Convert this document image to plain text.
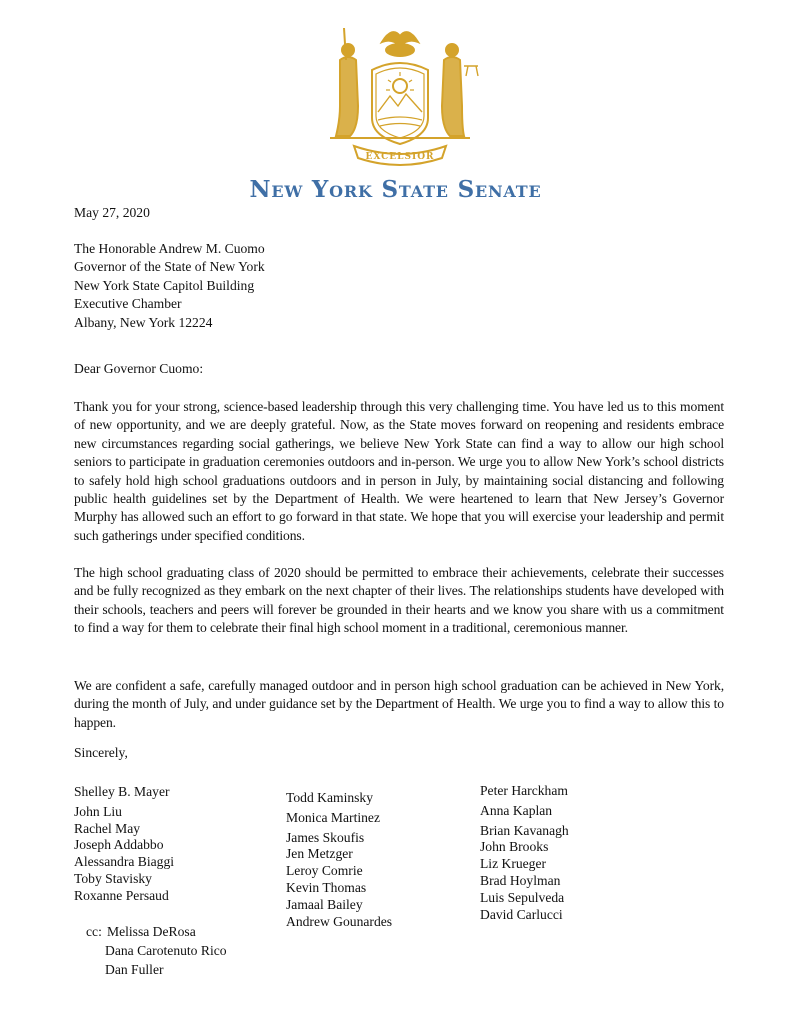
EXCELSIOR
New York State Senate
May 27, 2020
The Honorable Andrew M. Cuomo
Governor of the State of New York
New York State Capitol Building
Executive Chamber
Albany, New York 12224
Dear Governor Cuomo:
Thank you for your strong, science-based leadership through this very challenging time. You have led us to this moment of new opportunity, and we are deeply grateful. Now, as the State moves forward on reopening and residents embrace new circumstances regarding social gatherings, we believe New York State can find a way to allow our high school seniors to participate in graduation ceremonies outdoors and in-person. We urge you to allow New York’s school districts to safely hold high school graduations outdoors and in person in July, by maintaining social distancing and following public health guidelines set by the Department of Health. We were heartened to learn that New Jersey’s Governor Murphy has allowed such an effort to go forward in that state. We hope that you will exercise your leadership and permit such gatherings under specified conditions.
The high school graduating class of 2020 should be permitted to embrace their achievements, celebrate their successes and be fully recognized as they embark on the next chapter of their lives. The relationships students have developed with their schools, teachers and peers will forever be grounded in their hearts and we know you share with us a commitment to find a way for them to celebrate their final high school moment in a traditional, ceremonious manner.
We are confident a safe, carefully managed outdoor and in person high school graduation can be achieved in New York, during the month of July, and under guidance set by the Department of Health. We urge you to find a way to allow this to happen.
Sincerely,
Shelley B. Mayer
John Liu
Rachel May
Joseph Addabbo
Alessandra Biaggi
Toby Stavisky
Roxanne Persaud
Todd Kaminsky
Monica Martinez
James Skoufis
Jen Metzger
Leroy Comrie
Kevin Thomas
Jamaal Bailey
Andrew Gounardes
Peter Harckham
Anna Kaplan
Brian Kavanagh
John Brooks
Liz Krueger
Brad Hoylman
Luis Sepulveda
David Carlucci
cc: Melissa DeRosa
Dana Carotenuto Rico
Dan Fuller
